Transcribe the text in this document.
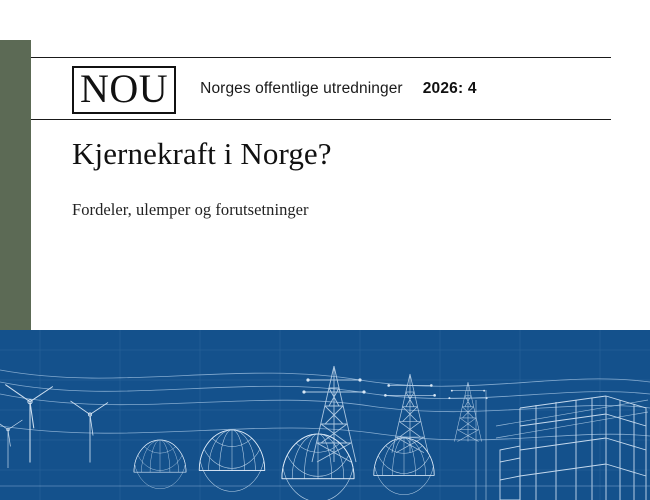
NOU	Norges offentlige utredninger 2026: 4
Kjernekraft i Norge?

Fordeler, ulemper og forutsetninger
